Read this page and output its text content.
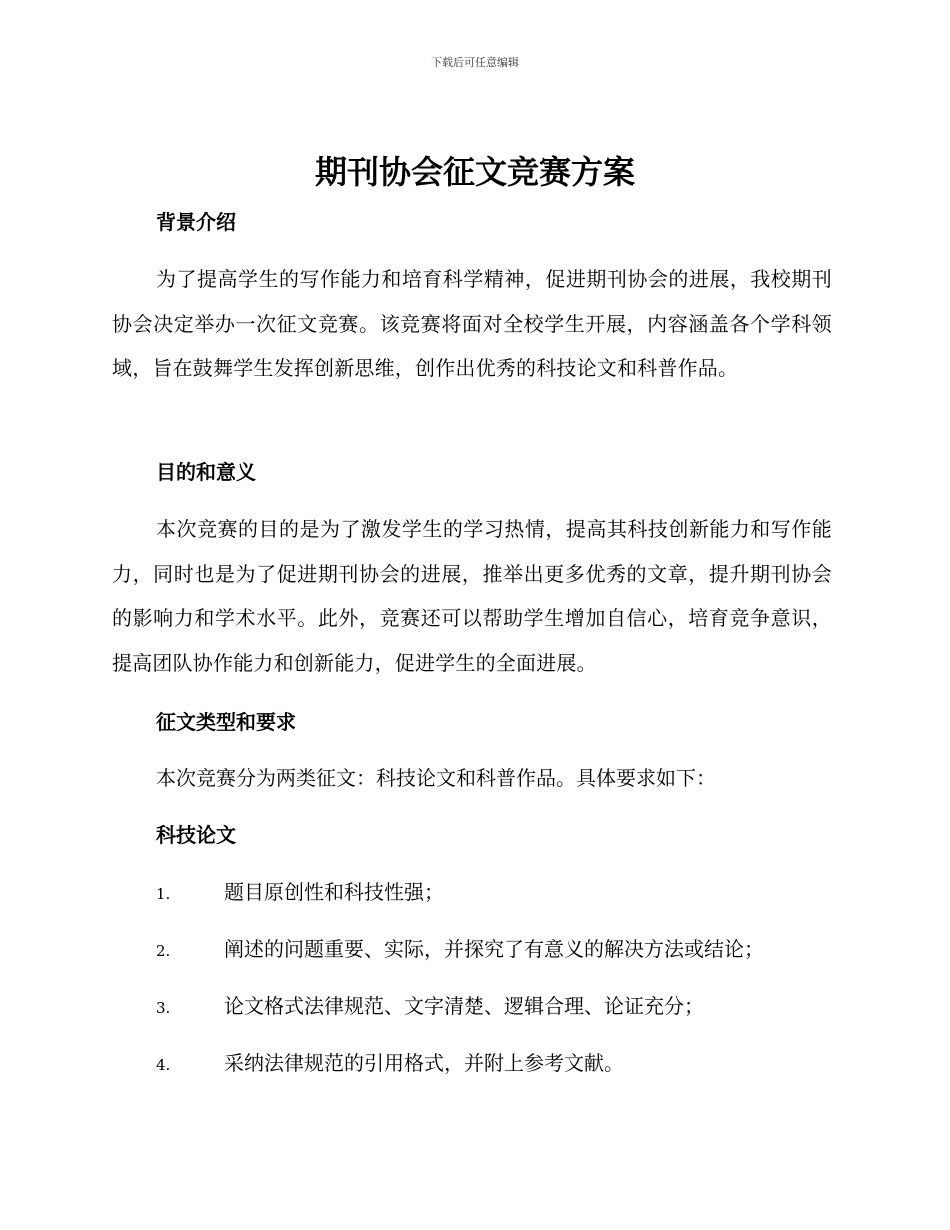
下载后可任意编辑
期刊协会征文竞赛方案
背景介绍

为了提高学生的写作能力和培育科学精神，促进期刊协会的进展，我校期刊协会决定举办一次征文竞赛。该竞赛将面对全校学生开展，内容涵盖各个学科领域，旨在鼓舞学生发挥创新思维，创作出优秀的科技论文和科普作品。

目的和意义

本次竞赛的目的是为了激发学生的学习热情，提高其科技创新能力和写作能力，同时也是为了促进期刊协会的进展，推举出更多优秀的文章，提升期刊协会的影响力和学术水平。此外，竞赛还可以帮助学生增加自信心，培育竞争意识，提高团队协作能力和创新能力，促进学生的全面进展。

征文类型和要求

本次竞赛分为两类征文：科技论文和科普作品。具体要求如下：

科技论文
1.	题目原创性和科技性强；
2.	阐述的问题重要、实际，并探究了有意义的解决方法或结论；
3.	论文格式法律规范、文字清楚、逻辑合理、论证充分；
4.	采纳法律规范的引用格式，并附上参考文献。
